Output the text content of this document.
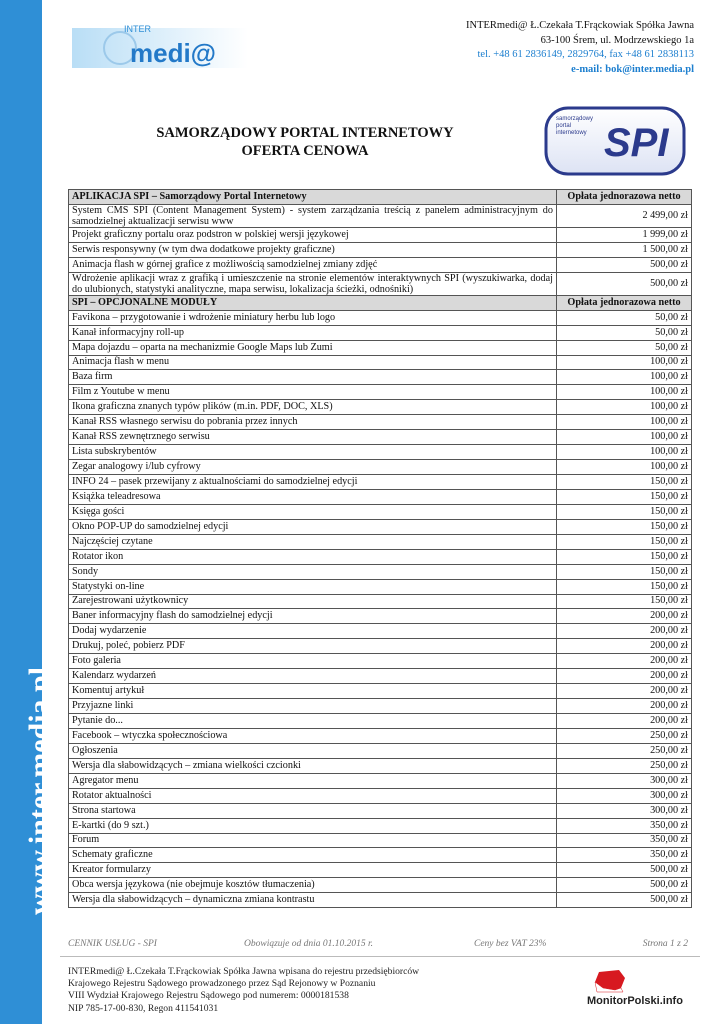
www.inter.media.pl
INTER
medi@
INTERmedi@ Ł.Czekała T.Frąckowiak Spółka Jawna
63-100 Śrem, ul. Modrzewskiego 1a
tel. +48 61 2836149, 2829764, fax +48 61 2838113
e-mail: bok@inter.media.pl
SAMORZĄDOWY PORTAL INTERNETOWY
OFERTA CENOWA
samorządowy
portal
internetowy SPI
APLIKACJA SPI – Samorządowy Portal Internetowy	Opłata jednorazowa netto
System CMS SPI (Content Management System) - system zarządzania treścią z panelem administracyjnym do samodzielnej aktualizacji serwisu www	2 499,00 zł
Projekt graficzny portalu oraz podstron w polskiej wersji językowej	1 999,00 zł
Serwis responsywny (w tym dwa dodatkowe projekty graficzne)	1 500,00 zł
Animacja flash w górnej grafice z możliwością samodzielnej zmiany zdjęć	500,00 zł
Wdrożenie aplikacji wraz z grafiką i umieszczenie na stronie elementów interaktywnych SPI (wyszukiwarka, dodaj do ulubionych, statystyki analityczne, mapa serwisu, lokalizacja ścieżki, odnośniki)	500,00 zł
SPI – OPCJONALNE MODUŁY	Opłata jednorazowa netto
Favikona – przygotowanie i wdrożenie miniatury herbu lub logo	50,00 zł
Kanał informacyjny roll-up	50,00 zł
Mapa dojazdu – oparta na mechanizmie Google Maps lub Zumi	50,00 zł
Animacja flash w menu	100,00 zł
Baza firm	100,00 zł
Film z Youtube w menu	100,00 zł
Ikona graficzna znanych typów plików (m.in. PDF, DOC, XLS)	100,00 zł
Kanał RSS własnego serwisu do pobrania przez innych	100,00 zł
Kanał RSS zewnętrznego serwisu	100,00 zł
Lista subskrybentów	100,00 zł
Zegar analogowy i/lub cyfrowy	100,00 zł
INFO 24 – pasek przewijany z aktualnościami do samodzielnej edycji	150,00 zł
Książka teleadresowa	150,00 zł
Księga gości	150,00 zł
Okno POP-UP do samodzielnej edycji	150,00 zł
Najczęściej czytane	150,00 zł
Rotator ikon	150,00 zł
Sondy	150,00 zł
Statystyki on-line	150,00 zł
Zarejestrowani użytkownicy	150,00 zł
Baner informacyjny flash do samodzielnej edycji	200,00 zł
Dodaj wydarzenie	200,00 zł
Drukuj, poleć, pobierz PDF	200,00 zł
Foto galeria	200,00 zł
Kalendarz wydarzeń	200,00 zł
Komentuj artykuł	200,00 zł
Przyjazne linki	200,00 zł
Pytanie do...	200,00 zł
Facebook – wtyczka społecznościowa	250,00 zł
Ogłoszenia	250,00 zł
Wersja dla słabowidzących – zmiana wielkości czcionki	250,00 zł
Agregator menu	300,00 zł
Rotator aktualności	300,00 zł
Strona startowa	300,00 zł
E-kartki (do 9 szt.)	350,00 zł
Forum	350,00 zł
Schematy graficzne	350,00 zł
Kreator formularzy	500,00 zł
Obca wersja językowa (nie obejmuje kosztów tłumaczenia)	500,00 zł
Wersja dla słabowidzących – dynamiczna zmiana kontrastu	500,00 zł
CENNIK USŁUG - SPI	Obowiązuje od dnia 01.10.2015 r.	Ceny bez VAT 23%	Strona 1 z 2
INTERmedi@ Ł.Czekała T.Frąckowiak Spółka Jawna wpisana do rejestru przedsiębiorców
Krajowego Rejestru Sądowego prowadzonego przez Sąd Rejonowy w Poznaniu
VIII Wydział Krajowego Rejestru Sądowego pod numerem: 0000181538
NIP 785-17-00-830, Regon 411541031
MonitorPolski.info
